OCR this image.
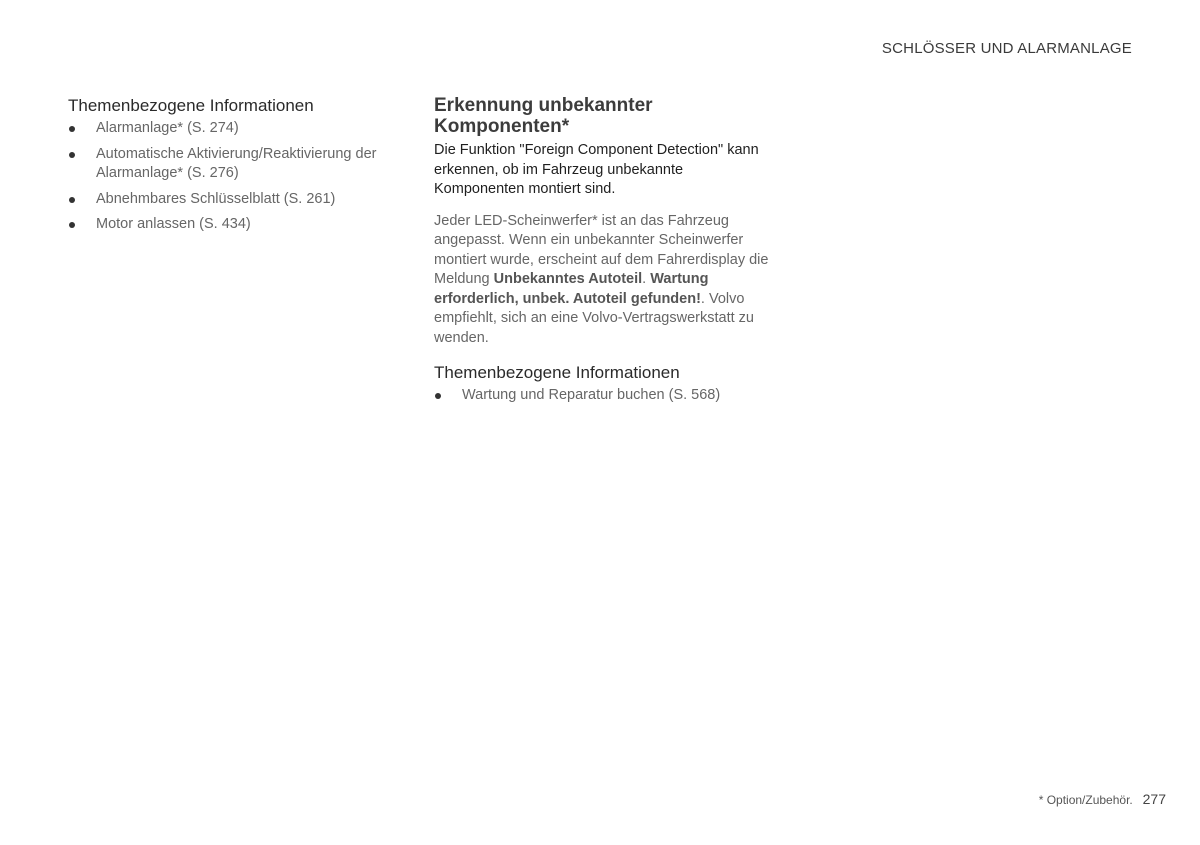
SCHLÖSSER UND ALARMANLAGE
Themenbezogene Informationen
Alarmanlage* (S. 274)
Automatische Aktivierung/Reaktivierung der Alarmanlage* (S. 276)
Abnehmbares Schlüsselblatt (S. 261)
Motor anlassen (S. 434)
Erkennung unbekannter Komponenten*

Die Funktion "Foreign Component Detection" kann erkennen, ob im Fahrzeug unbekannte Komponenten montiert sind.

Jeder LED-Scheinwerfer* ist an das Fahrzeug angepasst. Wenn ein unbekannter Scheinwerfer montiert wurde, erscheint auf dem Fahrerdisplay die Meldung Unbekanntes Autoteil. Wartung erforderlich, unbek. Autoteil gefunden!. Volvo empfiehlt, sich an eine Volvo-Vertragswerkstatt zu wenden.

Themenbezogene Informationen
Wartung und Reparatur buchen (S. 568)
* Option/Zubehör. 277
